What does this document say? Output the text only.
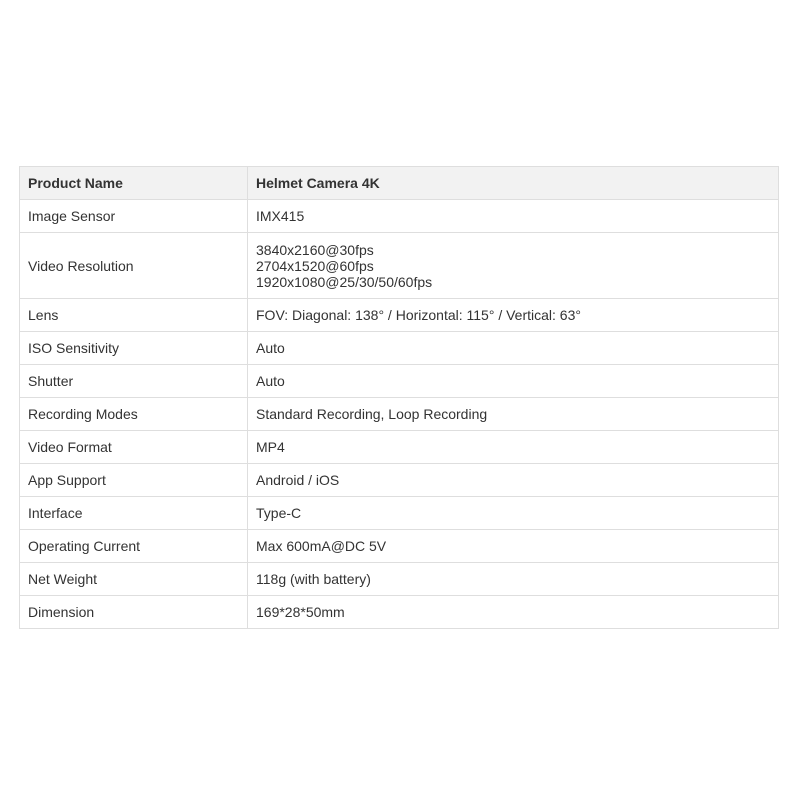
Product Name	Helmet Camera 4K
Image Sensor	IMX415
Video Resolution	3840x2160@30fps
2704x1520@60fps
1920x1080@25/30/50/60fps

Lens	FOV: Diagonal: 138° / Horizontal: 115° / Vertical: 63°
ISO Sensitivity	Auto
Shutter	Auto
Recording Modes	Standard Recording, Loop Recording
Video Format	MP4
App Support	Android / iOS
Interface	Type-C
Operating Current	Max 600mA@DC 5V
Net Weight	118g (with battery)
Dimension	169*28*50mm
